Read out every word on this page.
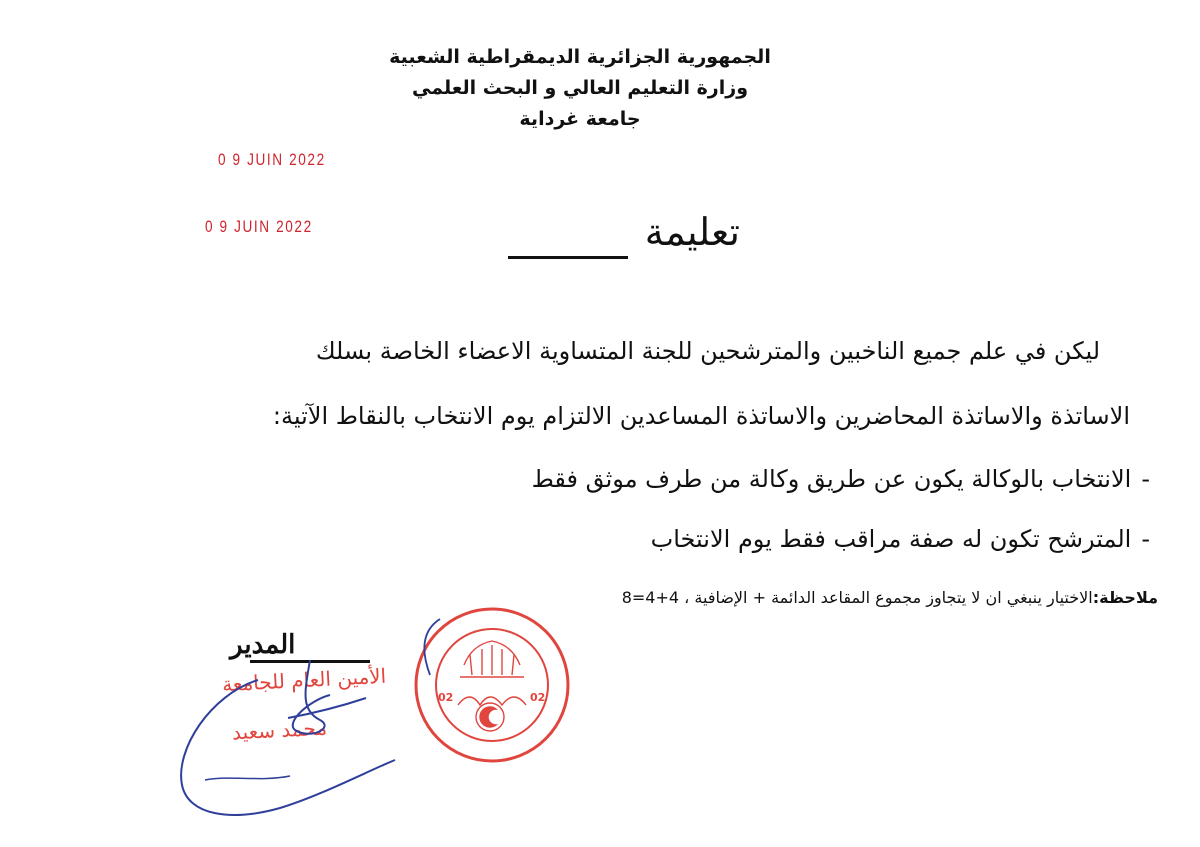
الجمهورية الجزائرية الديمقراطية الشعبية
وزارة التعليم العالي و البحث العلمي
جامعة غرداية
0 9 JUIN 2022
0 9 JUIN 2022	تعليمة
ليكن في علم جميع الناخبين والمترشحين للجنة المتساوية الاعضاء الخاصة بسلك
الاساتذة والاساتذة المحاضرين والاساتذة المساعدين الالتزام يوم الانتخاب بالنقاط الآتية:
-الانتخاب بالوكالة يكون عن طريق وكالة من طرف موثق فقط
-المترشح تكون له صفة مراقب فقط يوم الانتخاب
ملاحظة:الاختيار ينبغي ان لا يتجاوز مجموع المقاعد الدائمة + الإضافية ، 4+4=8
المدير
الأمين العام للجامعة
محمد سعيد
02	02
